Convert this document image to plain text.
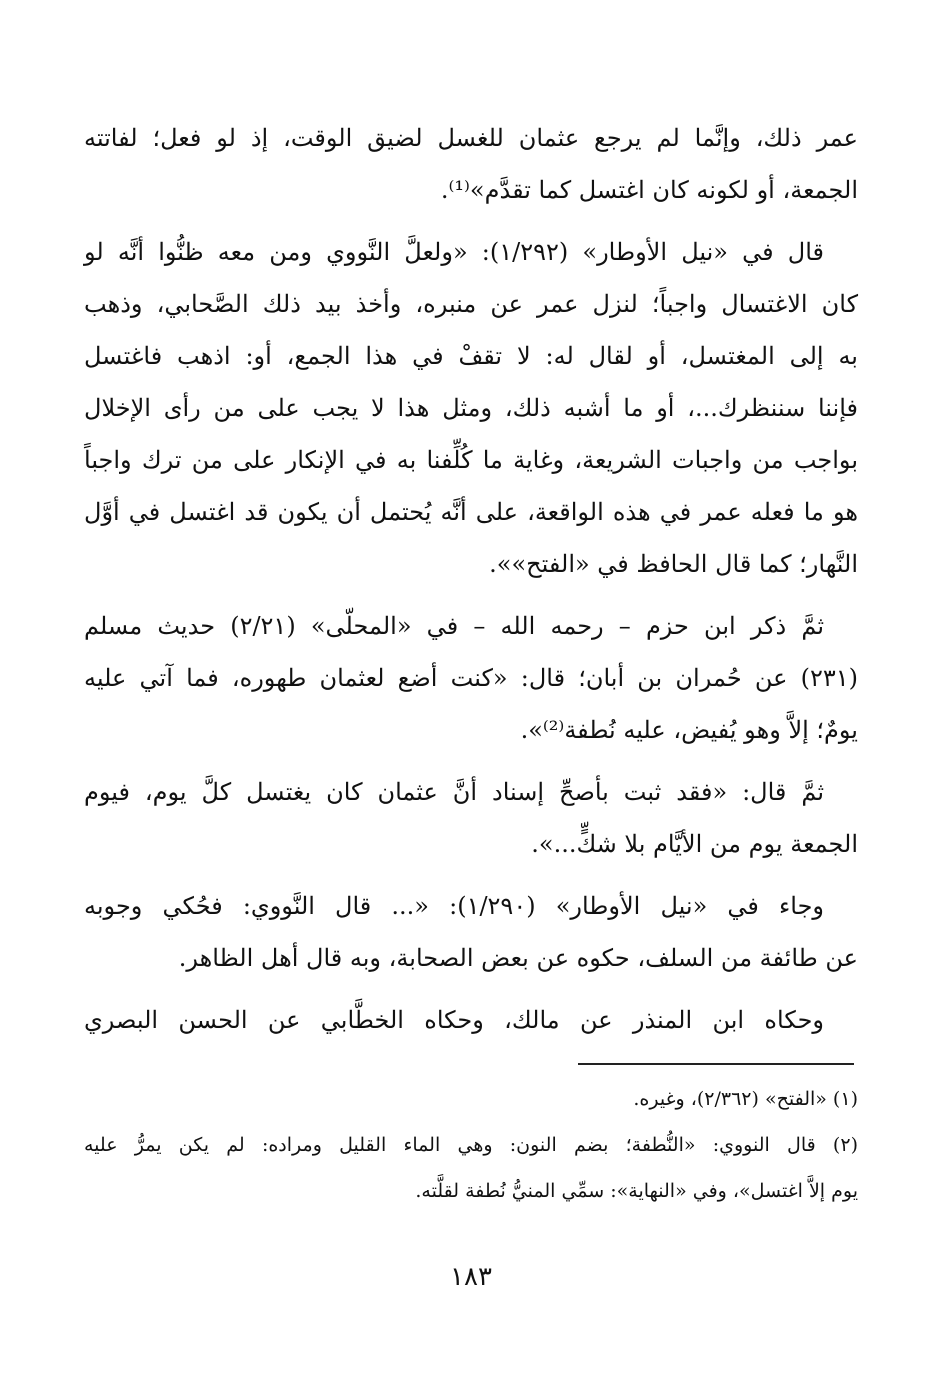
عمر ذلك، وإنَّما لم يرجع عثمان للغسل لضيق الوقت، إذ لو فعل؛ لفاتته
الجمعة، أو لكونه كان اغتسل كما تقدَّم»⁽¹⁾.

قال في «نيل الأوطار» (١/٢٩٢): «ولعلَّ النَّووي ومن معه ظنُّوا أنَّه لو
كان الاغتسال واجباً؛ لنزل عمر عن منبره، وأخذ بيد ذلك الصَّحابي، وذهب
به إلى المغتسل، أو لقال له: لا تقفْ في هذا الجمع، أو: اذهب فاغتسل
فإننا سننظرك...، أو ما أشبه ذلك، ومثل هذا لا يجب على من رأى الإخلال
بواجب من واجبات الشريعة، وغاية ما كُلِّفنا به في الإنكار على من ترك واجباً
هو ما فعله عمر في هذه الواقعة، على أنَّه يُحتمل أن يكون قد اغتسل في أوَّل
النَّهار؛ كما قال الحافظ في «الفتح»».

ثمَّ ذكر ابن حزم – رحمه الله – في «المحلّى» (٢/٢١) حديث مسلم
(٢٣١) عن حُمران بن أبان؛ قال: «كنت أضع لعثمان طهوره، فما آتي عليه
يومٌ؛ إلاَّ وهو يُفيض، عليه نُطفة⁽²⁾».

ثمَّ قال: «فقد ثبت بأصحِّ إسناد أنَّ عثمان كان يغتسل كلَّ يوم، فيوم
الجمعة يوم من الأيَّام بلا شكٍّ...».

وجاء في «نيل الأوطار» (١/٢٩٠): «... قال النَّووي: فحُكي وجوبه
عن طائفة من السلف، حكوه عن بعض الصحابة، وبه قال أهل الظاهر.

وحكاه ابن المنذر عن مالك، وحكاه الخطَّابي عن الحسن البصري

(١) «الفتح» (٢/٣٦٢)، وغيره.

(٢) قال النووي: «النُّطفة؛ بضم النون: وهي الماء القليل ومراده: لم يكن يمرُّ عليه
يوم إلاَّ اغتسل»، وفي «النهاية»: سمِّي المنيُّ نُطفة لقلَّته.

١٨٣
